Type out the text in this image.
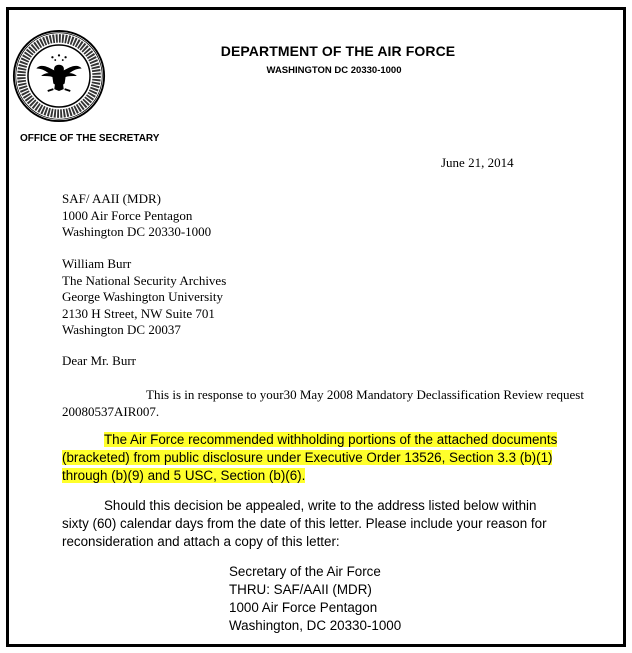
DEPARTMENT OF THE AIR FORCE
WASHINGTON DC 20330-1000
OFFICE OF THE SECRETARY
June 21, 2014
SAF/ AAII (MDR)
1000 Air Force Pentagon
Washington DC 20330-1000
William Burr
The National Security Archives
George Washington University
2130 H Street, NW Suite 701
Washington DC 20037
Dear Mr. Burr
This is in response to your30 May 2008 Mandatory Declassification Review request
20080537AIR007.
The Air Force recommended withholding portions of the attached documents
(bracketed) from public disclosure under Executive Order 13526, Section 3.3 (b)(1)
through (b)(9) and 5 USC, Section (b)(6).
Should this decision be appealed, write to the address listed below within
sixty (60) calendar days from the date of this letter. Please include your reason for
reconsideration and attach a copy of this letter:
Secretary of the Air Force
THRU: SAF/AAII (MDR)
1000 Air Force Pentagon
Washington, DC 20330-1000
